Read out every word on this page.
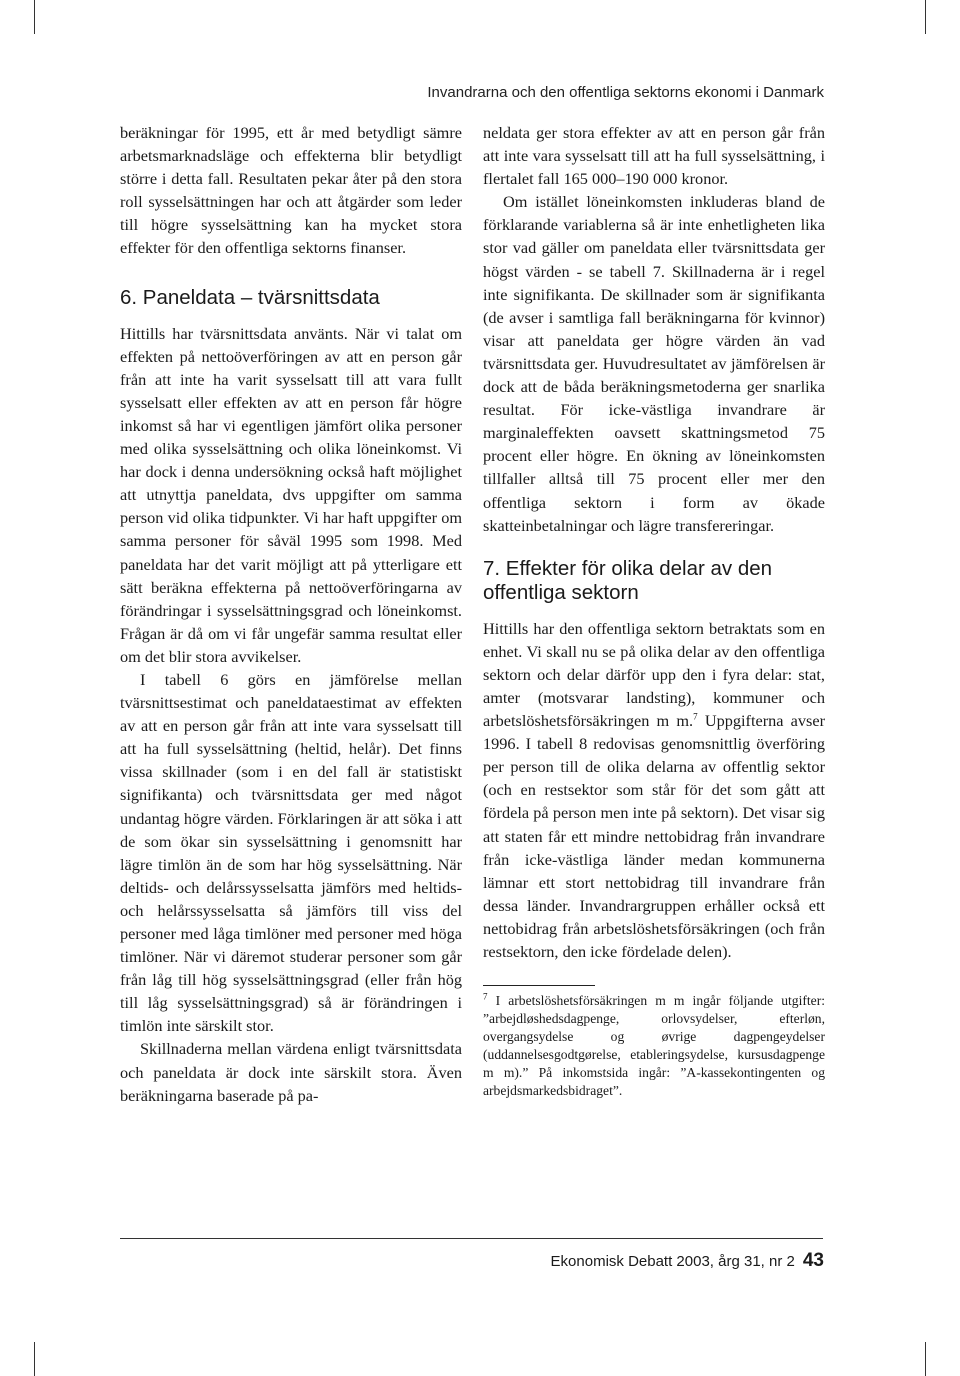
Invandrarna och den offentliga sektorns ekonomi i Danmark

beräkningar för 1995, ett år med betydligt sämre arbetsmarknadsläge och effekterna blir betydligt större i detta fall. Resultaten pekar åter på den stora roll sysselsättningen har och att åtgärder som leder till högre sysselsättning kan ha mycket stora effekter för den offentliga sektorns finanser.

6. Paneldata – tvärsnittsdata

Hittills har tvärsnittsdata använts. När vi talat om effekten på nettoöverföringen av att en person går från att inte ha varit sysselsatt till att vara fullt sysselsatt eller effekten av att en person får högre inkomst så har vi egentligen jämfört olika personer med olika sysselsättning och olika löneinkomst. Vi har dock i denna undersökning också haft möjlighet att utnyttja paneldata, dvs uppgifter om samma person vid olika tidpunkter. Vi har haft uppgifter om samma personer för såväl 1995 som 1998. Med paneldata har det varit möjligt att på ytterligare ett sätt beräkna effekterna på nettoöverföringarna av förändringar i sysselsättningsgrad och löneinkomst. Frågan är då om vi får ungefär samma resultat eller om det blir stora avvikelser.

I tabell 6 görs en jämförelse mellan tvärsnittsestimat och paneldataestimat av effekten av att en person går från att inte vara sysselsatt till att ha full sysselsättning (heltid, helår). Det finns vissa skillnader (som i en del fall är statistiskt signifikanta) och tvärsnittsdata ger med något undantag högre värden. Förklaringen är att söka i att de som ökar sin sysselsättning i genomsnitt har lägre timlön än de som har hög sysselsättning. När deltids- och delårssysselsatta jämförs med heltids- och helårssysselsatta så jämförs till viss del personer med låga timlöner med personer med höga timlöner. När vi däremot studerar personer som går från låg till hög sysselsättningsgrad (eller från hög till låg sysselsättningsgrad) så är förändringen i timlön inte särskilt stor.

Skillnaderna mellan värdena enligt tvärsnittsdata och paneldata är dock inte särskilt stora. Även beräkningarna baserade på pa-

neldata ger stora effekter av att en person går från att inte vara sysselsatt till att ha full sysselsättning, i flertalet fall 165 000–190 000 kronor.

Om istället löneinkomsten inkluderas bland de förklarande variablerna så är inte enhetligheten lika stor vad gäller om paneldata eller tvärsnittsdata ger högst värden - se tabell 7. Skillnaderna är i regel inte signifikanta. De skillnader som är signifikanta (de avser i samtliga fall beräkningarna för kvinnor) visar att paneldata ger högre värden än vad tvärsnittsdata ger. Huvudresultatet av jämförelsen är dock att de båda beräkningsmetoderna ger snarlika resultat. För icke-västliga invandrare är marginaleffekten oavsett skattningsmetod 75 procent eller högre. En ökning av löneinkomsten tillfaller alltså till 75 procent eller mer den offentliga sektorn i form av ökade skatteinbetalningar och lägre transfereringar.

7. Effekter för olika delar av den offentliga sektorn

Hittills har den offentliga sektorn betraktats som en enhet. Vi skall nu se på olika delar av den offentliga sektorn och delar därför upp den i fyra delar: stat, amter (motsvarar landsting), kommuner och arbetslöshetsförsäkringen m m.$^7$ Uppgifterna avser 1996. I tabell 8 redovisas genomsnittlig överföring per person till de olika delarna av offentlig sektor (och en restsektor som står för det som gått att fördela på person men inte på sektorn). Det visar sig att staten får ett mindre nettobidrag från invandrare från icke-västliga länder medan kommunerna lämnar ett stort nettobidrag till invandrare från dessa länder. Invandrargruppen erhåller också ett nettobidrag från arbetslöshetsförsäkringen (och från restsektorn, den icke fördelade delen).

$^7$ I arbetslöshetsförsäkringen m m ingår följande utgifter: ”arbejdløshedsdagpenge, orlovsydelser, efterløn, overgangsydelse og øvrige dagpengeydelser (uddannelsesgodtgørelse, etableringsydelse, kursusdagpenge m m).” På inkomstsida ingår: ”A-kassekontingenten og arbejdsmarkedsbidraget”.

Ekonomisk Debatt 2003, årg 31, nr 2 43
